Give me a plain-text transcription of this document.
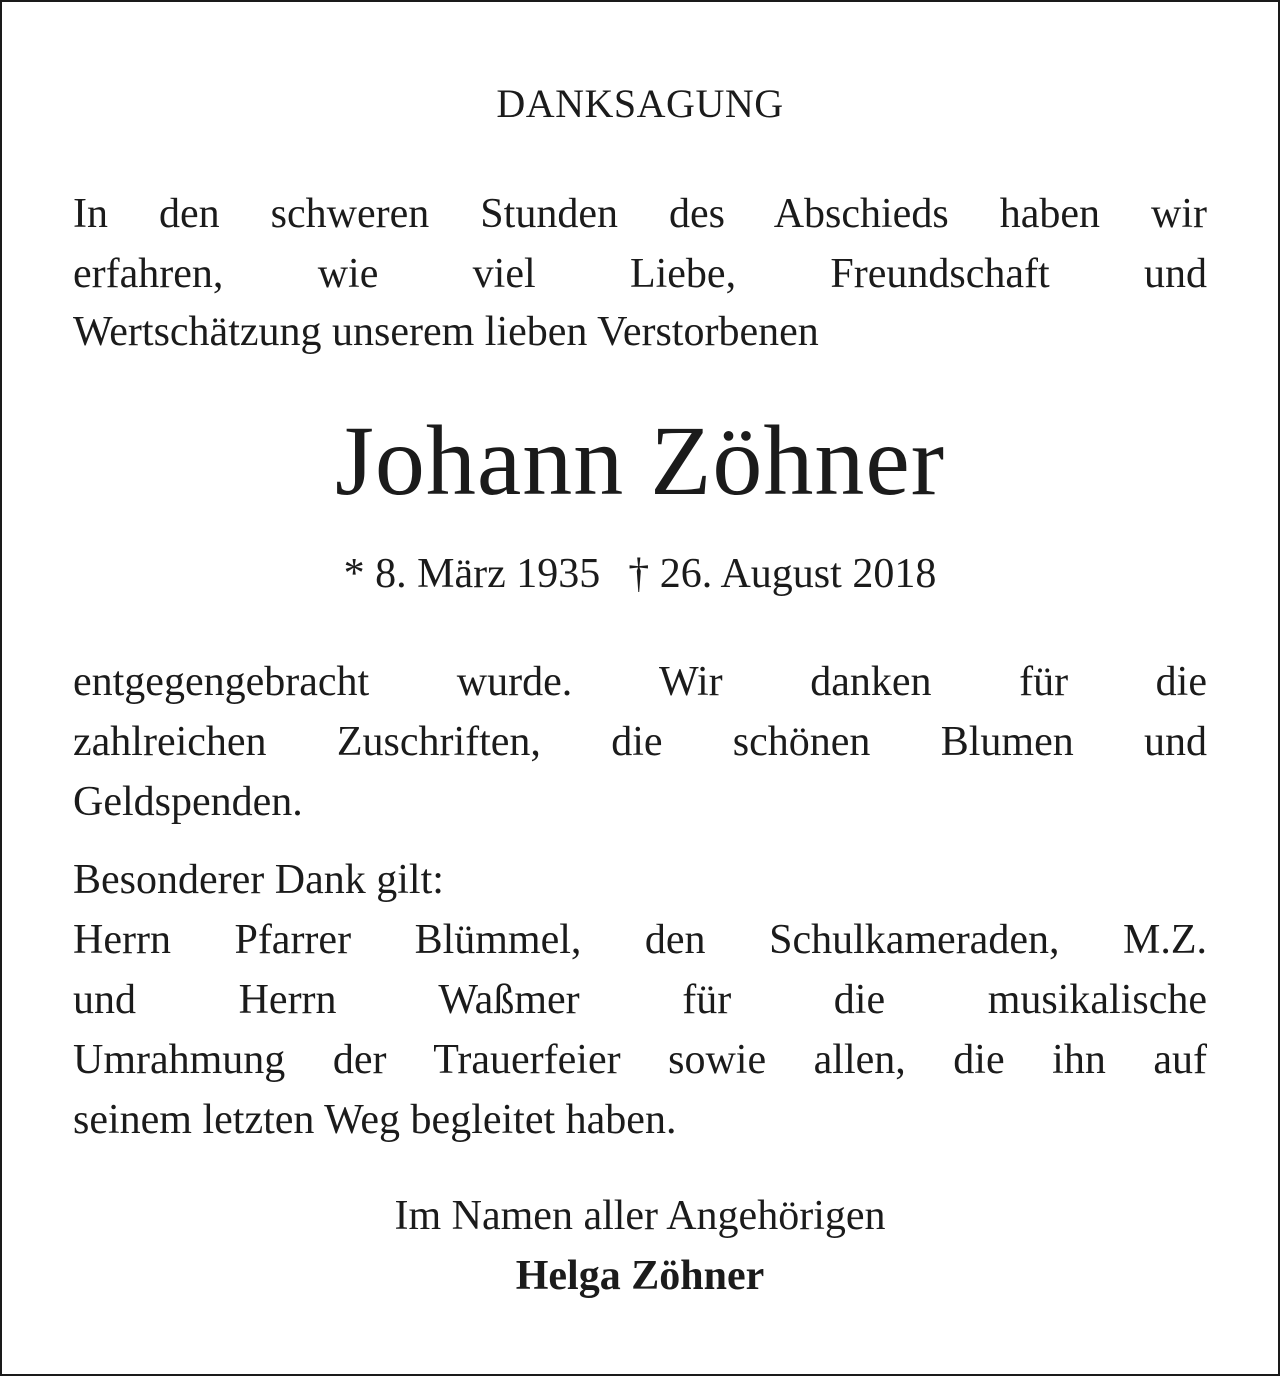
DANKSAGUNG
In den schweren Stunden des Abschieds haben wir
erfahren, wie viel Liebe, Freundschaft und
Wertschätzung unserem lieben Verstorbenen
Johann Zöhner
* 8. März 1935 † 26. August 2018
entgegengebracht wurde. Wir danken für die
zahlreichen Zuschriften, die schönen Blumen und
Geldspenden.
Besonderer Dank gilt:
Herrn Pfarrer Blümmel, den Schulkameraden, M.Z.
und Herrn Waßmer für die musikalische
Umrahmung der Trauerfeier sowie allen, die ihn auf
seinem letzten Weg begleitet haben.
Im Namen aller Angehörigen
Helga Zöhner
